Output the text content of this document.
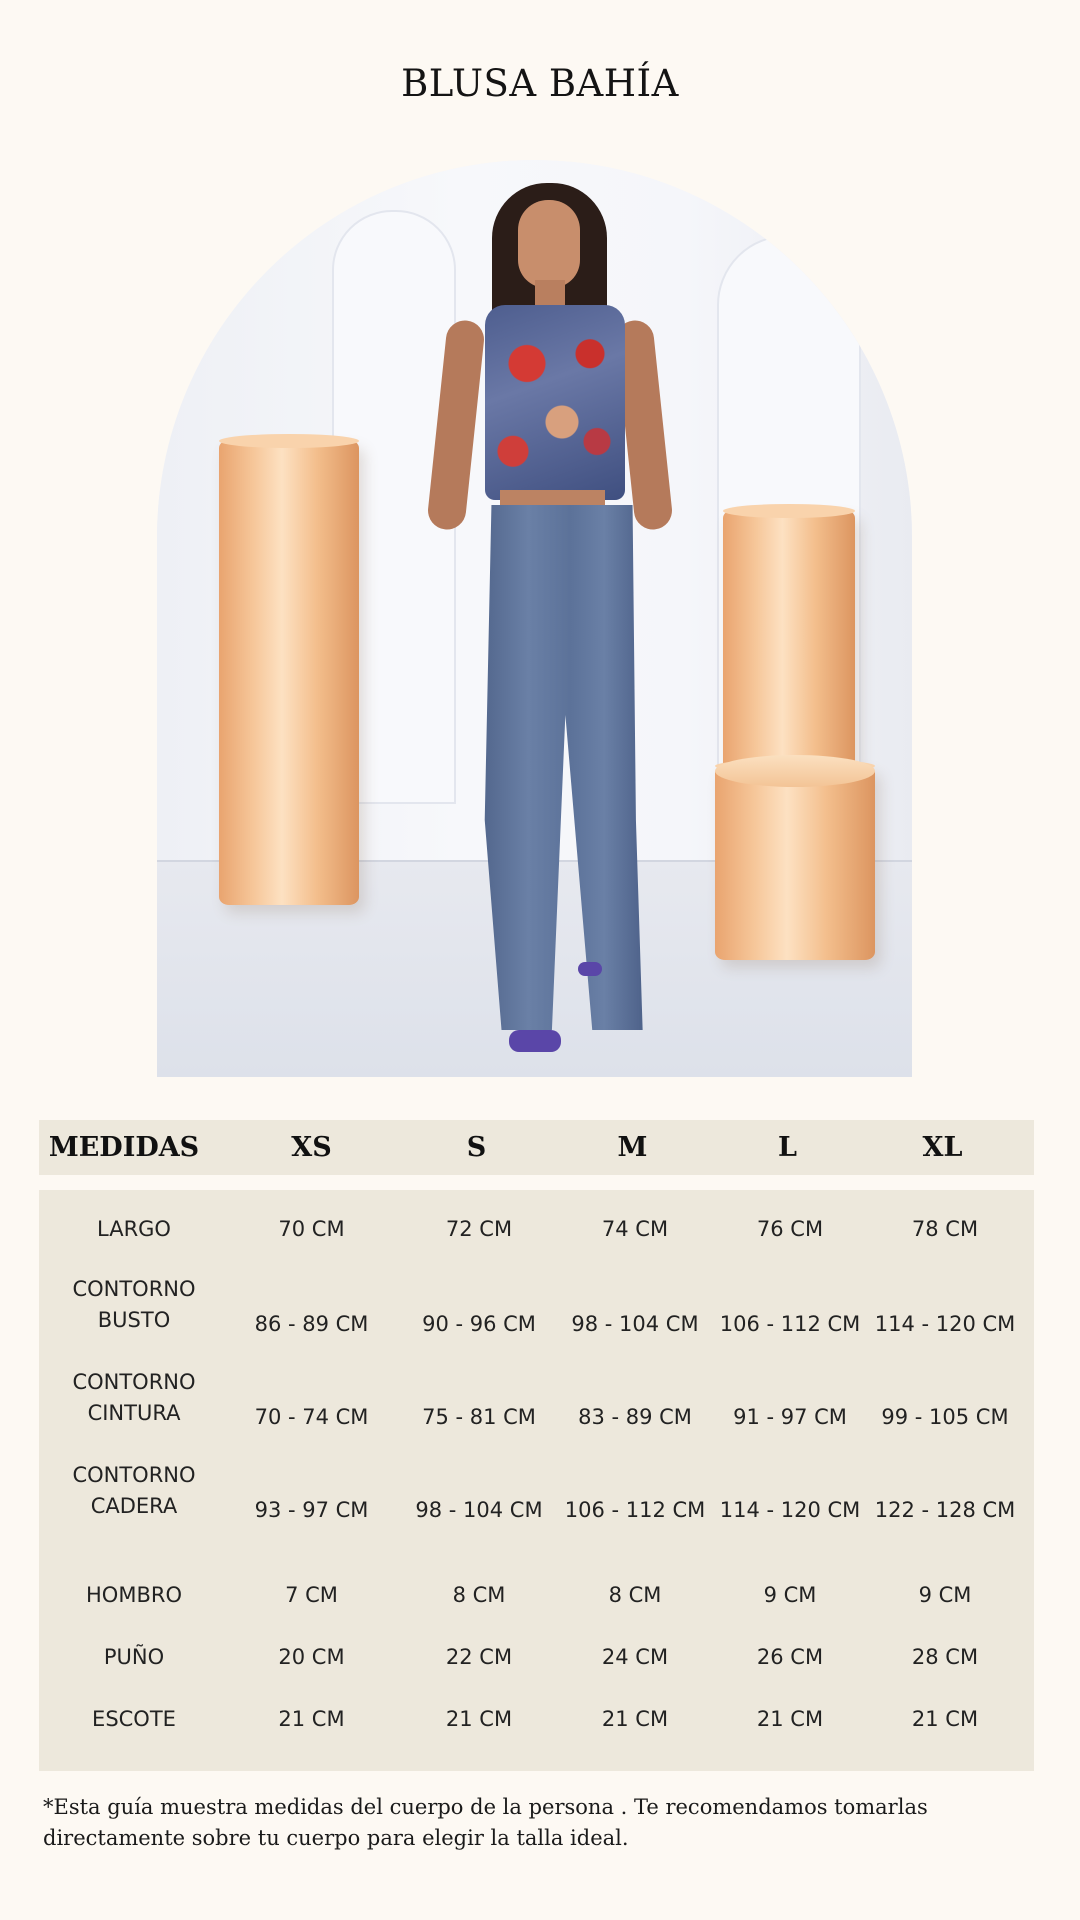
BLUSA BAHÍA
MEDIDAS	XS	S	M	L	XL
LARGO	70 CM	72 CM	74 CM	76 CM	78 CM
CONTORNO
BUSTO	86 - 89 CM	90 - 96 CM	98 - 104 CM	106 - 112 CM 114 - 120 CM
CONTORNO
CINTURA	70 - 74 CM	75 - 81 CM	83 - 89 CM	91 - 97 CM	99 - 105 CM
CONTORNO
CADERA	93 - 97 CM	98 - 104 CM	106 - 112 CM 114 - 120 CM 122 - 128 CM
HOMBRO	7 CM	8 CM	8 CM	9 CM	9 CM
PUÑO	20 CM	22 CM	24 CM	26 CM	28 CM
ESCOTE	21 CM	21 CM	21 CM	21 CM	21 CM
*Esta guía muestra medidas del cuerpo de la persona . Te recomendamos tomarlas directamente sobre tu cuerpo para elegir la talla ideal.
